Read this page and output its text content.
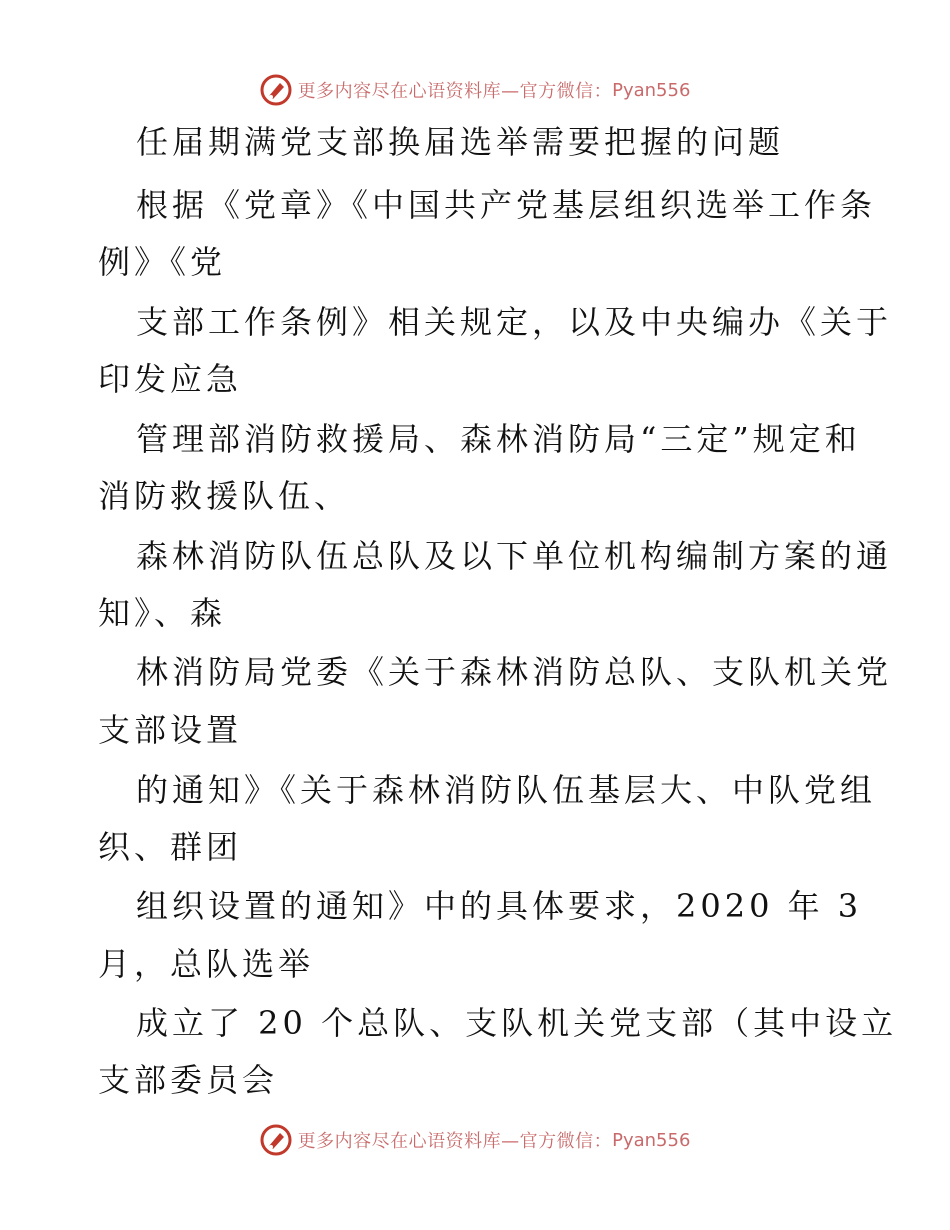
更多内容尽在心语资料库—官方微信： Pyan556
任届期满党支部换届选举需要把握的问题
根据《党章》《中国共产党基层组织选举工作条
例》《党
支部工作条例》相关规定，以及中央编办《关于
印发应急
管理部消防救援局、森林消防局“三定”规定和
消防救援队伍、
森林消防队伍总队及以下单位机构编制方案的通
知》、森
林消防局党委《关于森林消防总队、支队机关党
支部设置
的通知》《关于森林消防队伍基层大、中队党组
织、群团
组织设置的通知》中的具体要求，2020 年 3
月，总队选举
成立了 20 个总队、支队机关党支部（其中设立
支部委员会
更多内容尽在心语资料库—官方微信： Pyan556
